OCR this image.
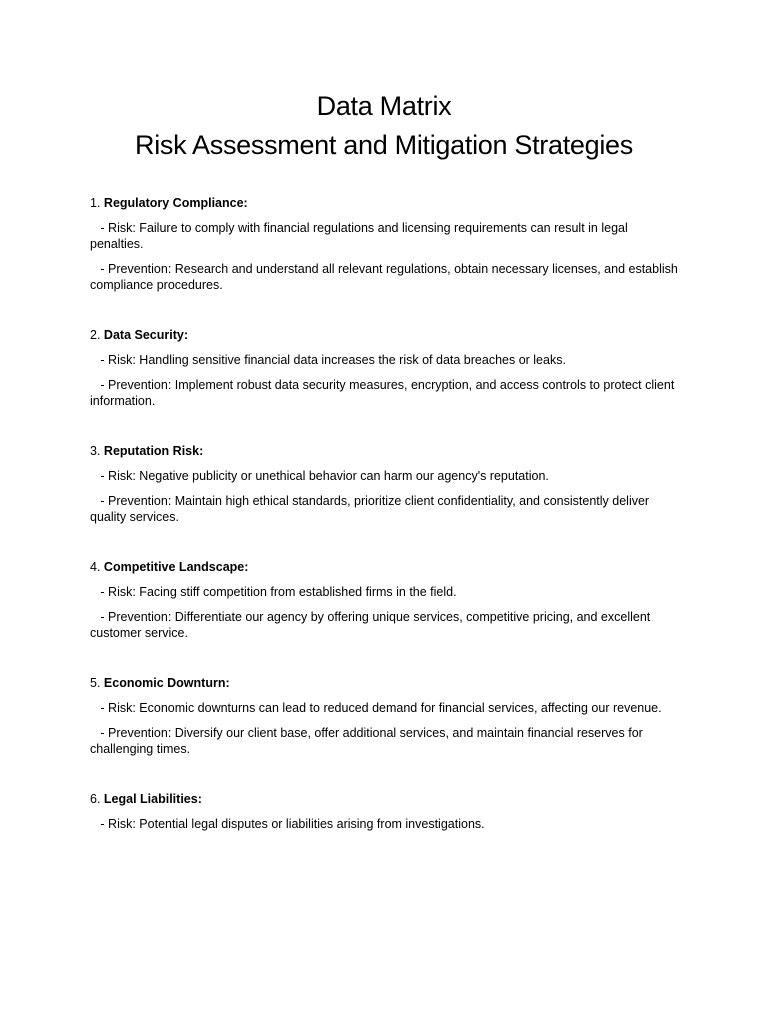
Data Matrix
Risk Assessment and Mitigation Strategies

1. Regulatory Compliance:

- Risk: Failure to comply with financial regulations and licensing requirements can result in legal penalties.

- Prevention: Research and understand all relevant regulations, obtain necessary licenses, and establish compliance procedures.

2. Data Security:

- Risk: Handling sensitive financial data increases the risk of data breaches or leaks.

- Prevention: Implement robust data security measures, encryption, and access controls to protect client information.

3. Reputation Risk:

- Risk: Negative publicity or unethical behavior can harm our agency's reputation.

- Prevention: Maintain high ethical standards, prioritize client confidentiality, and consistently deliver quality services.

4. Competitive Landscape:

- Risk: Facing stiff competition from established firms in the field.

- Prevention: Differentiate our agency by offering unique services, competitive pricing, and excellent customer service.

5. Economic Downturn:

- Risk: Economic downturns can lead to reduced demand for financial services, affecting our revenue.

- Prevention: Diversify our client base, offer additional services, and maintain financial reserves for challenging times.

6. Legal Liabilities:

- Risk: Potential legal disputes or liabilities arising from investigations.
